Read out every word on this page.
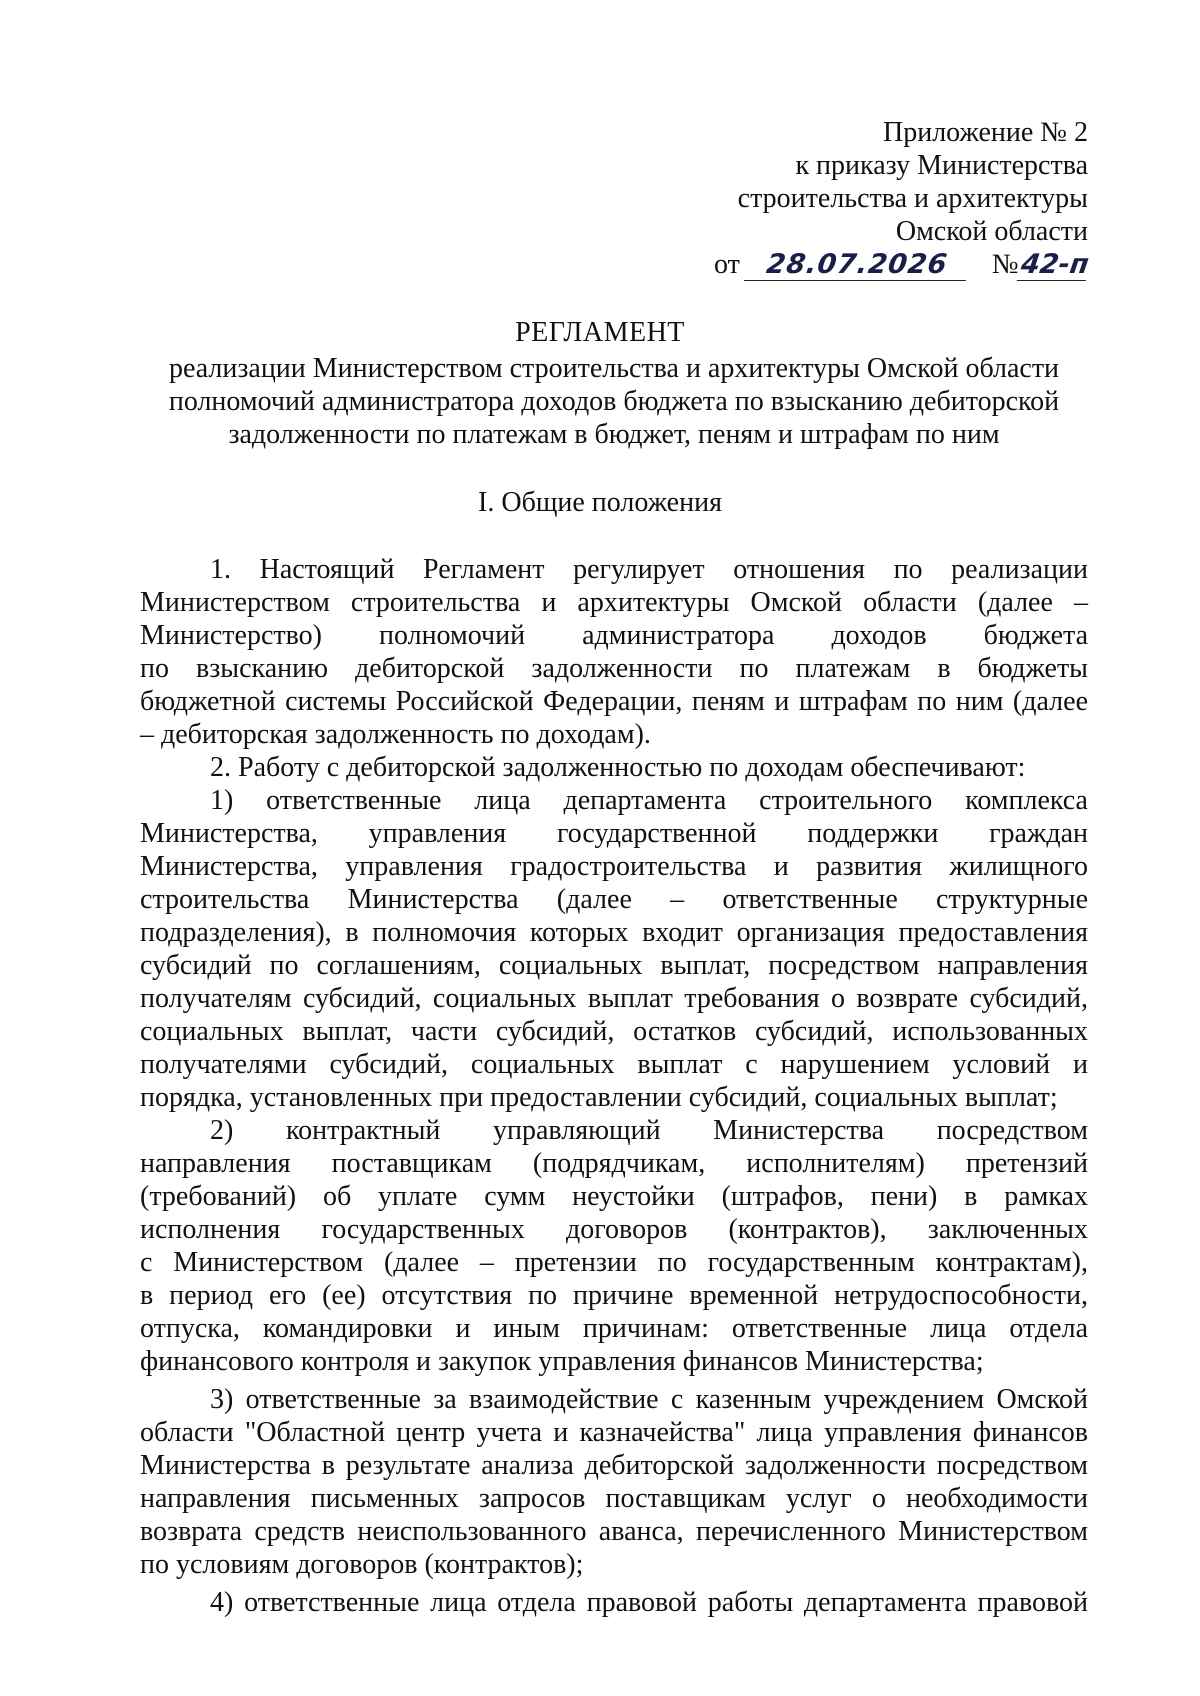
Приложение № 2
к приказу Министерства
строительства и архитектуры
Омской области
от 28.07.2026	№ 42-п
РЕГЛАМЕНТ
реализации Министерством строительства и архитектуры Омской области
полномочий администратора доходов бюджета по взысканию дебиторской
задолженности по платежам в бюджет, пеням и штрафам по ним
I. Общие положения
1. Настоящий Регламент регулирует отношения по реализации
Министерством строительства и архитектуры Омской области (далее –
Министерство) полномочий администратора доходов бюджета
по взысканию дебиторской задолженности по платежам в бюджеты
бюджетной системы Российской Федерации, пеням и штрафам по ним (далее
– дебиторская задолженность по доходам).
2. Работу с дебиторской задолженностью по доходам обеспечивают:
1) ответственные лица департамента строительного комплекса
Министерства, управления государственной поддержки граждан
Министерства, управления градостроительства и развития жилищного
строительства Министерства (далее – ответственные структурные
подразделения), в полномочия которых входит организация предоставления
субсидий по соглашениям, социальных выплат, посредством направления
получателям субсидий, социальных выплат требования о возврате субсидий,
социальных выплат, части субсидий, остатков субсидий, использованных
получателями субсидий, социальных выплат с нарушением условий и
порядка, установленных при предоставлении субсидий, социальных выплат;
2) контрактный управляющий Министерства посредством
направления поставщикам (подрядчикам, исполнителям) претензий
(требований) об уплате сумм неустойки (штрафов, пени) в рамках
исполнения государственных договоров (контрактов), заключенных
с Министерством (далее – претензии по государственным контрактам),
в период его (ее) отсутствия по причине временной нетрудоспособности,
отпуска, командировки и иным причинам: ответственные лица отдела
финансового контроля и закупок управления финансов Министерства;
3) ответственные за взаимодействие с казенным учреждением Омской
области "Областной центр учета и казначейства" лица управления финансов
Министерства в результате анализа дебиторской задолженности посредством
направления письменных запросов поставщикам услуг о необходимости
возврата средств неиспользованного аванса, перечисленного Министерством
по условиям договоров (контрактов);
4) ответственные лица отдела правовой работы департамента правовой
